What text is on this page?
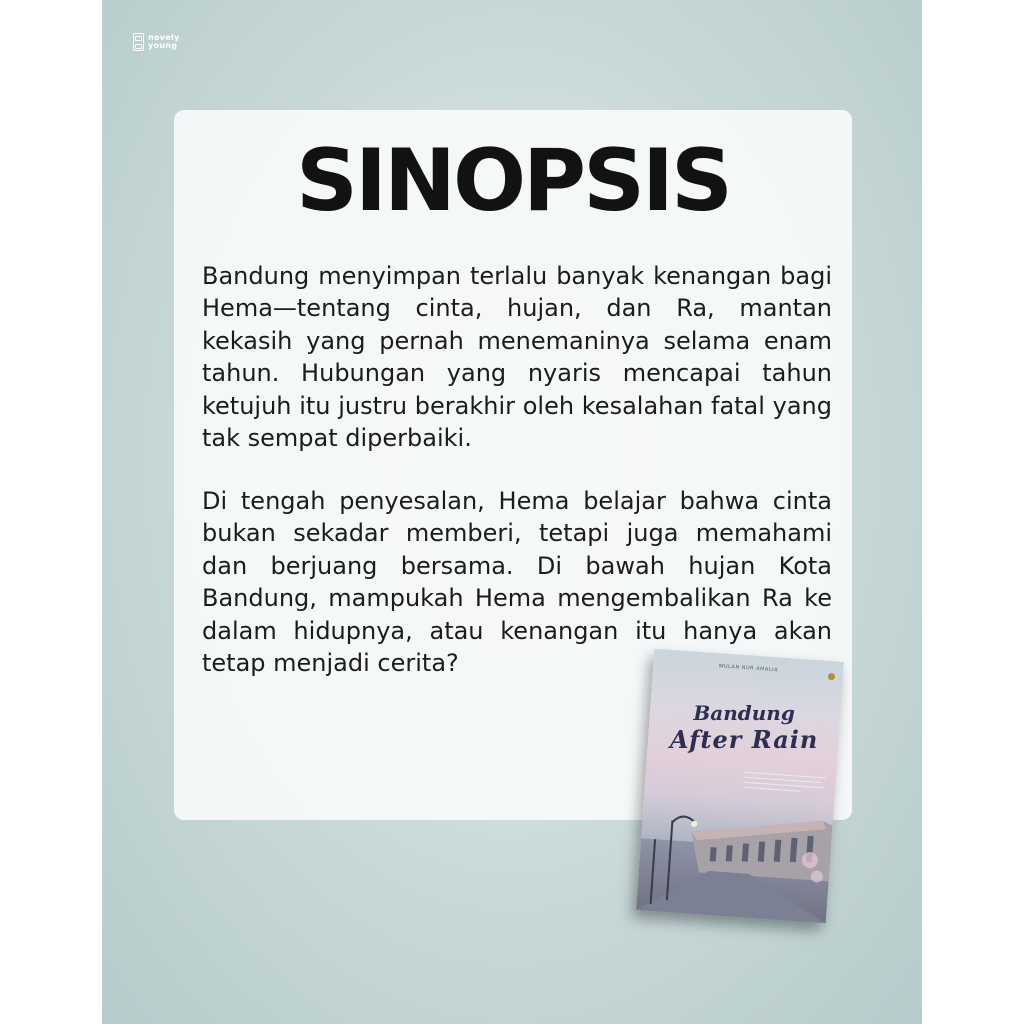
novely
young
SINOPSIS

Bandung menyimpan terlalu banyak kenangan bagi Hema—tentang cinta, hujan, dan Ra, mantan kekasih yang pernah menemaninya selama enam tahun. Hubungan yang nyaris mencapai tahun ketujuh itu justru berakhir oleh kesalahan fatal yang tak sempat diperbaiki.

Di tengah penyesalan, Hema belajar bahwa cinta bukan sekadar memberi, tetapi juga memahami dan berjuang bersama. Di bawah hujan Kota Bandung, mampukah Hema mengembalikan Ra ke dalam hidupnya, atau kenangan itu hanya akan tetap menjadi cerita?	WULAN NUR AMALIA
Bandung
After Rain
